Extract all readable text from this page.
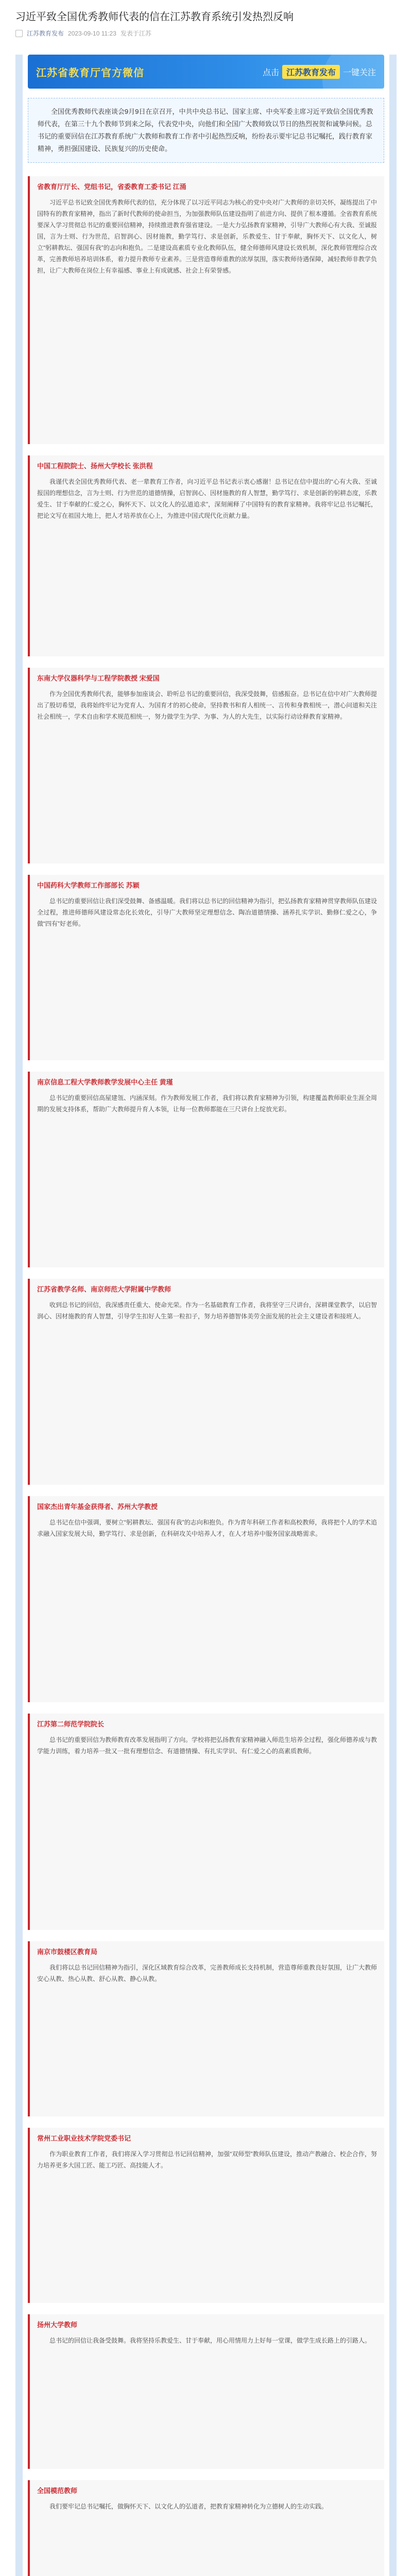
习近平致全国优秀教师代表的信在江苏教育系统引发热烈反响
江苏教育发布 2023-09-10 11:23 发表于江苏
江苏省教育厅官方微信	点击 江苏教育发布 一键关注
全国优秀教师代表座谈会9月9日在京召开，中共中央总书记、国家主席、中央军委主席习近平致信全国优秀教师代表，在第三十九个教师节到来之际，代表党中央，向他们和全国广大教师致以节日的热烈祝贺和诚挚问候。总书记的重要回信在江苏教育系统广大教师和教育工作者中引起热烈反响，纷纷表示要牢记总书记嘱托，践行教育家精神，勇担强国建设、民族复兴的历史使命。
省教育厅厅长、党组书记，省委教育工委书记 江涌
习近平总书记致全国优秀教师代表的信，充分体现了以习近平同志为核心的党中央对广大教师的亲切关怀，凝练提出了中国特有的教育家精神，指出了新时代教师的使命担当，为加强教师队伍建设指明了前进方向、提供了根本遵循。全省教育系统要深入学习贯彻总书记的重要回信精神，持续推进教育强省建设。一是大力弘扬教育家精神，引导广大教师心有大我、至诚报国，言为士则、行为世范，启智润心、因材施教，勤学笃行、求是创新，乐教爱生、甘于奉献，胸怀天下、以文化人，树立“躬耕教坛、强国有我”的志向和抱负。二是建设高素质专业化教师队伍，健全师德师风建设长效机制，深化教师管理综合改革，完善教师培养培训体系，着力提升教师专业素养。三是营造尊师重教的浓厚氛围，落实教师待遇保障，减轻教师非教学负担，让广大教师在岗位上有幸福感、事业上有成就感、社会上有荣誉感。
中国工程院院士、扬州大学校长 张洪程
我谨代表全国优秀教师代表、老一辈教育工作者，向习近平总书记表示衷心感谢！总书记在信中提出的“心有大我、至诚报国的理想信念，言为士则、行为世范的道德情操，启智润心、因材施教的育人智慧，勤学笃行、求是创新的躬耕态度，乐教爱生、甘于奉献的仁爱之心，胸怀天下、以文化人的弘道追求”，深刻阐释了中国特有的教育家精神。我将牢记总书记嘱托，把论文写在祖国大地上，把人才培养放在心上，为推进中国式现代化贡献力量。
东南大学仪器科学与工程学院教授 宋爱国
作为全国优秀教师代表，能够参加座谈会、聆听总书记的重要回信，我深受鼓舞，倍感振奋。总书记在信中对广大教师提出了殷切希望，我将始终牢记为党育人、为国育才的初心使命，坚持教书和育人相统一、言传和身教相统一，潜心问道和关注社会相统一，学术自由和学术规范相统一，努力做学生为学、为事、为人的大先生，以实际行动诠释教育家精神。
中国药科大学教师工作部部长 苏颖
总书记的重要回信让我们深受鼓舞、备感温暖。我们将以总书记的回信精神为指引，把弘扬教育家精神贯穿教师队伍建设全过程，推进师德师风建设常态化长效化，引导广大教师坚定理想信念、陶冶道德情操、涵养扎实学识、勤修仁爱之心，争做“四有”好老师。
南京信息工程大学教师教学发展中心主任 黄瑾
总书记的重要回信高屋建瓴、内涵深刻。作为教师发展工作者，我们将以教育家精神为引领，构建覆盖教师职业生涯全周期的发展支持体系，帮助广大教师提升育人本领，让每一位教师都能在三尺讲台上绽放光彩。
江苏省教学名师、南京师范大学附属中学教师
收到总书记的回信，我深感责任重大、使命光荣。作为一名基础教育工作者，我将坚守三尺讲台，深耕课堂教学，以启智润心、因材施教的育人智慧，引导学生扣好人生第一粒扣子，努力培养德智体美劳全面发展的社会主义建设者和接班人。
国家杰出青年基金获得者、苏州大学教授
总书记在信中强调，要树立“躬耕教坛、强国有我”的志向和抱负。作为青年科研工作者和高校教师，我将把个人的学术追求融入国家发展大局，勤学笃行、求是创新，在科研攻关中培养人才，在人才培养中服务国家战略需求。
江苏第二师范学院院长
总书记的重要回信为教师教育改革发展指明了方向。学校将把弘扬教育家精神融入师范生培养全过程，强化师德养成与教学能力训练，着力培养一批又一批有理想信念、有道德情操、有扎实学识、有仁爱之心的高素质教师。
南京市鼓楼区教育局
我们将以总书记回信精神为指引，深化区域教育综合改革，完善教师成长支持机制，营造尊师重教良好氛围，让广大教师安心从教、热心从教、舒心从教、静心从教。
常州工业职业技术学院党委书记
作为职业教育工作者，我们将深入学习贯彻总书记回信精神，加强“双师型”教师队伍建设，推动产教融合、校企合作，努力培养更多大国工匠、能工巧匠、高技能人才。
扬州大学教师
总书记的回信让我备受鼓舞。我将坚持乐教爱生、甘于奉献，用心用情用力上好每一堂课，做学生成长路上的引路人。
全国模范教师
我们要牢记总书记嘱托，做胸怀天下、以文化人的弘道者，把教育家精神转化为立德树人的生动实践。
